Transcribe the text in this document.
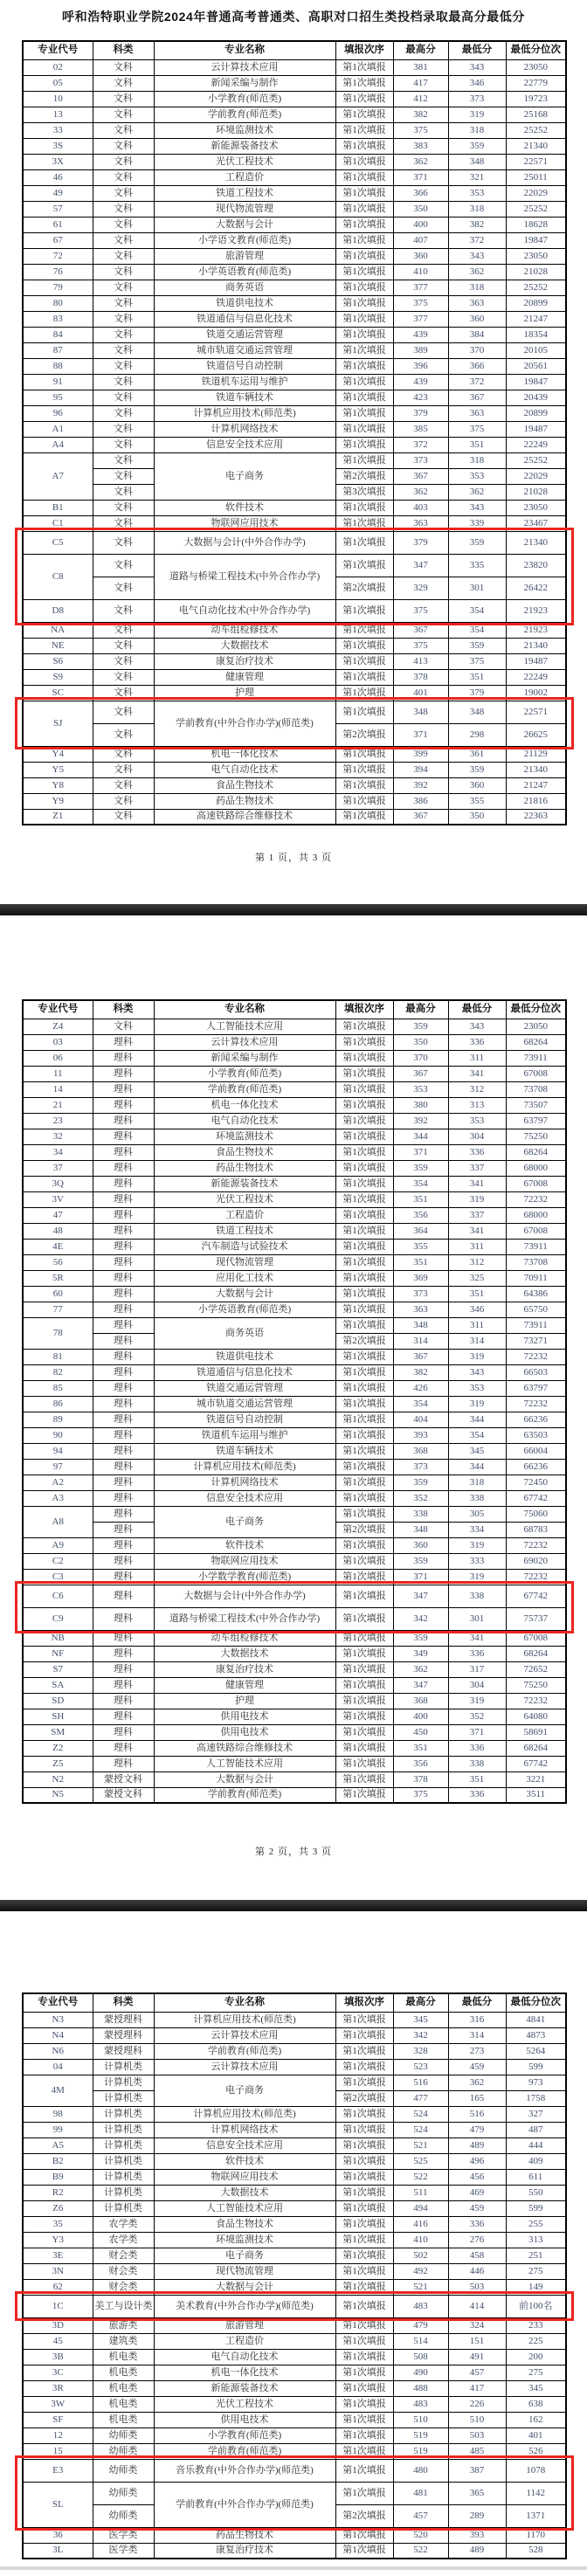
呼和浩特职业学院2024年普通高考普通类、高职对口招生类投档录取最高分最低分
专业代号	科类	专业名称	填报次序	最高分	最低分	最低分位次
02	文科	云计算技术应用	第1次填报	381	343	23050
05	文科	新闻采编与制作	第1次填报	417	346	22779
10	文科	小学教育(师范类)	第1次填报	412	373	19723
13	文科	学前教育(师范类)	第1次填报	382	319	25168
33	文科	环境监测技术	第1次填报	375	318	25252
3S	文科	新能源装备技术	第1次填报	383	359	21340
3X	文科	光伏工程技术	第1次填报	362	348	22571
46	文科	工程造价	第1次填报	371	321	25011
49	文科	铁道工程技术	第1次填报	366	353	22029
57	文科	现代物流管理	第1次填报	350	318	25252
61	文科	大数据与会计	第1次填报	400	382	18628
67	文科	小学语文教育(师范类)	第1次填报	407	372	19847
72	文科	旅游管理	第1次填报	360	343	23050
76	文科	小学英语教育(师范类)	第1次填报	410	362	21028
79	文科	商务英语	第1次填报	377	318	25252
80	文科	铁道供电技术	第1次填报	375	363	20899
83	文科	铁道通信与信息化技术	第1次填报	377	360	21247
84	文科	铁道交通运营管理	第1次填报	439	384	18354
87	文科	城市轨道交通运营管理	第1次填报	389	370	20105
88	文科	铁道信号自动控制	第1次填报	396	366	20561
91	文科	铁道机车运用与维护	第1次填报	439	372	19847
95	文科	铁道车辆技术	第1次填报	423	367	20439
96	文科	计算机应用技术(师范类)	第1次填报	379	363	20899
A1	文科	计算机网络技术	第1次填报	385	375	19487
A4	文科	信息安全技术应用	第1次填报	372	351	22249
A7	文科	电子商务	第1次填报	373	318	25252
	文科		第2次填报	367	353	22029
	文科		第3次填报	362	362	21028
B1	文科	软件技术	第1次填报	403	343	23050
C1	文科	物联网应用技术	第1次填报	363	339	23467
C5	文科	大数据与会计(中外合作办学)	第1次填报	379	359	21340
C8	文科	道路与桥梁工程技术(中外合作办学)	第1次填报	347	335	23820
	文科		第2次填报	329	301	26422
D8	文科	电气自动化技术(中外合作办学)	第1次填报	375	354	21923
NA	文科	动车组检修技术	第1次填报	367	354	21923
NE	文科	大数据技术	第1次填报	375	359	21340
S6	文科	康复治疗技术	第1次填报	413	375	19487
S9	文科	健康管理	第1次填报	378	351	22249
SC	文科	护理	第1次填报	401	379	19002
SJ	文科	学前教育(中外合作办学)(师范类)	第1次填报	348	348	22571
	文科		第2次填报	371	298	26625
Y4	文科	机电一体化技术	第1次填报	399	361	21129
Y5	文科	电气自动化技术	第1次填报	394	359	21340
Y8	文科	食品生物技术	第1次填报	392	360	21247
Y9	文科	药品生物技术	第1次填报	386	355	21816
Z1	文科	高速铁路综合维修技术	第1次填报	367	350	22363
第 1 页，共 3 页
专业代号	科类	专业名称	填报次序	最高分	最低分	最低分位次
Z4	文科	人工智能技术应用	第1次填报	359	343	23050
03	理科	云计算技术应用	第1次填报	350	336	68264
06	理科	新闻采编与制作	第1次填报	370	311	73911
11	理科	小学教育(师范类)	第1次填报	367	341	67008
14	理科	学前教育(师范类)	第1次填报	353	312	73708
21	理科	机电一体化技术	第1次填报	380	313	73507
23	理科	电气自动化技术	第1次填报	392	353	63797
32	理科	环境监测技术	第1次填报	344	304	75250
34	理科	食品生物技术	第1次填报	371	336	68264
37	理科	药品生物技术	第1次填报	359	337	68000
3Q	理科	新能源装备技术	第1次填报	354	341	67008
3V	理科	光伏工程技术	第1次填报	351	319	72232
47	理科	工程造价	第1次填报	356	337	68000
48	理科	铁道工程技术	第1次填报	364	341	67008
4E	理科	汽车制造与试验技术	第1次填报	355	311	73911
56	理科	现代物流管理	第1次填报	351	312	73708
5R	理科	应用化工技术	第1次填报	369	325	70911
60	理科	大数据与会计	第1次填报	373	351	64386
77	理科	小学英语教育(师范类)	第1次填报	363	346	65750
78	理科	商务英语	第1次填报	348	311	73911
	理科		第2次填报	314	314	73271
81	理科	铁道供电技术	第1次填报	367	319	72232
82	理科	铁道通信与信息化技术	第1次填报	382	343	66503
85	理科	铁道交通运营管理	第1次填报	426	353	63797
86	理科	城市轨道交通运营管理	第1次填报	354	319	72232
89	理科	铁道信号自动控制	第1次填报	404	344	66236
90	理科	铁道机车运用与维护	第1次填报	393	354	63503
94	理科	铁道车辆技术	第1次填报	368	345	66004
97	理科	计算机应用技术(师范类)	第1次填报	373	344	66236
A2	理科	计算机网络技术	第1次填报	359	318	72450
A3	理科	信息安全技术应用	第1次填报	352	338	67742
A8	理科	电子商务	第1次填报	338	305	75060
	理科		第2次填报	348	334	68783
A9	理科	软件技术	第1次填报	360	319	72232
C2	理科	物联网应用技术	第1次填报	359	333	69020
C3	理科	小学数学教育(师范类)	第1次填报	371	319	72232
C6	理科	大数据与会计(中外合作办学)	第1次填报	347	338	67742
C9	理科	道路与桥梁工程技术(中外合作办学)	第1次填报	342	301	75737
NB	理科	动车组检修技术	第1次填报	359	341	67008
NF	理科	大数据技术	第1次填报	349	336	68264
S7	理科	康复治疗技术	第1次填报	362	317	72652
SA	理科	健康管理	第1次填报	347	304	75250
SD	理科	护理	第1次填报	368	319	72232
SH	理科	供用电技术	第1次填报	400	352	64080
SM	理科	供用电技术	第1次填报	450	371	58691
Z2	理科	高速铁路综合维修技术	第1次填报	351	336	68264
Z5	理科	人工智能技术应用	第1次填报	356	338	67742
N2	蒙授文科	大数据与会计	第1次填报	378	351	3221
N5	蒙授文科	学前教育(师范类)	第1次填报	375	336	3511
第 2 页，共 3 页
专业代号	科类	专业名称	填报次序	最高分	最低分	最低分位次
N3	蒙授理科	计算机应用技术(师范类)	第1次填报	345	316	4841
N4	蒙授理科	云计算技术应用	第1次填报	342	314	4873
N6	蒙授理科	学前教育(师范类)	第1次填报	328	273	5264
04	计算机类	云计算技术应用	第1次填报	523	459	599
4M	计算机类	电子商务	第1次填报	516	362	973
	计算机类		第2次填报	477	165	1758
98	计算机类	计算机应用技术(师范类)	第1次填报	524	516	327
99	计算机类	计算机网络技术	第1次填报	524	479	487
A5	计算机类	信息安全技术应用	第1次填报	521	489	444
B2	计算机类	软件技术	第1次填报	525	496	409
B9	计算机类	物联网应用技术	第1次填报	522	456	611
R2	计算机类	大数据技术	第1次填报	511	469	550
Z6	计算机类	人工智能技术应用	第1次填报	494	459	599
35	农学类	食品生物技术	第1次填报	416	336	255
Y3	农学类	环境监测技术	第1次填报	410	276	313
3E	财会类	电子商务	第1次填报	502	458	251
3N	财会类	现代物流管理	第1次填报	492	446	275
62	财会类	大数据与会计	第1次填报	521	503	149
1C	美工与设计类	美术教育(中外合作办学)(师范类)	第1次填报	483	414	前100名
3D	旅游类	旅游管理	第1次填报	479	324	233
45	建筑类	工程造价	第1次填报	514	151	225
3B	机电类	电气自动化技术	第1次填报	508	491	200
3C	机电类	机电一体化技术	第1次填报	490	457	275
3R	机电类	新能源装备技术	第1次填报	488	417	345
3W	机电类	光伏工程技术	第1次填报	483	226	638
SF	机电类	供用电技术	第1次填报	510	510	162
12	幼师类	小学教育(师范类)	第1次填报	519	503	401
15	幼师类	学前教育(师范类)	第1次填报	519	485	526
E3	幼师类	音乐教育(中外合作办学)(师范类)	第1次填报	480	387	1078
SL	幼师类	学前教育(中外合作办学)(师范类)	第1次填报	481	365	1142
	幼师类		第2次填报	457	289	1371
36	医学类	药品生物技术	第1次填报	520	393	1170
3L	医学类	康复治疗技术	第1次填报	522	489	528
